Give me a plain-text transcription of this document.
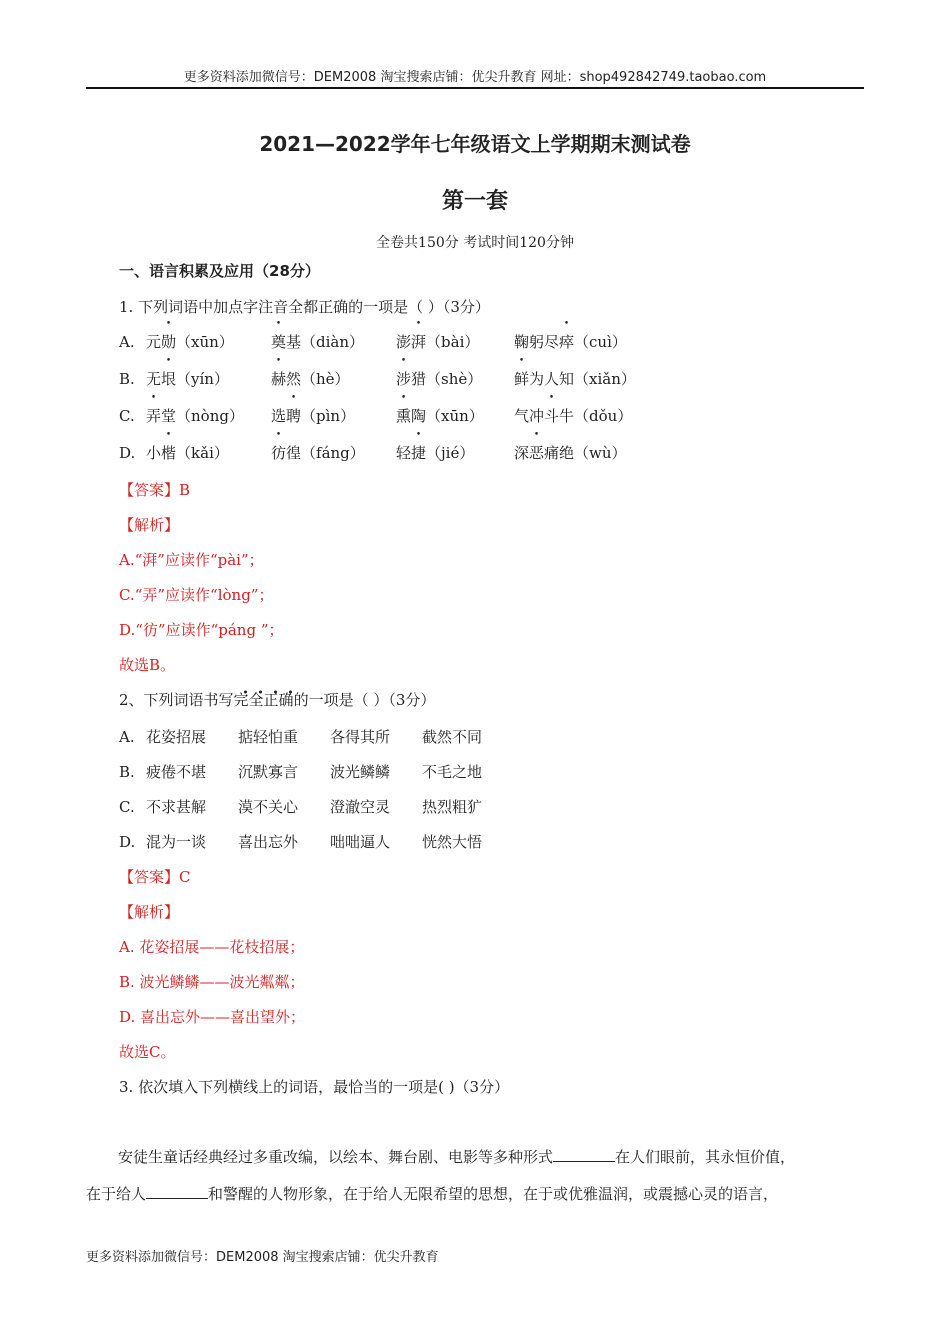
更多资料添加微信号：DEM2008 淘宝搜索店铺：优尖升教育 网址：shop492842749.taobao.com
2021—2022学年七年级语文上学期期末测试卷
第一套
全卷共150分 考试时间120分钟
一、语言积累及应用（28分）
1. 下列词语中加点字注音全都正确的一项是（ ）（3分）
A. 元勋（xūn） 奠基（diàn） 澎湃（bài） 鞠躬尽瘁（cuì）
B. 无垠（yín）	赫然（hè）	涉猎（shè） 鲜为人知（xiǎn）
C. 弄堂（nòng） 选聘（pìn）	熏陶（xūn） 气冲斗牛（dǒu）
D. 小楷（kǎi）	彷徨（fáng） 轻捷（jié）	深恶痛绝（wù）
【答案】B
【解析】
A.“湃”应读作“pài”；
C.“弄”应读作“lòng”；
D.“彷”应读作“páng ”；
故选B。
2、下列词语书写完全正确的一项是（ ）（3分）
A. 花姿招展 掂轻怕重 各得其所 截然不同
B. 疲倦不堪 沉默寡言 波光鳞鳞 不毛之地
C. 不求甚解 漠不关心 澄澈空灵 热烈粗犷
D. 混为一谈 喜出忘外 咄咄逼人 恍然大悟
【答案】C
【解析】
A. 花姿招展——花枝招展；
B. 波光鳞鳞——波光粼粼；
D. 喜出忘外——喜出望外；
故选C。
3. 依次填入下列横线上的词语，最恰当的一项是( )（3分）
安徒生童话经典经过多重改编，以绘本、舞台剧、电影等多种形式	在人们眼前，其永恒价值，
在于给人	和警醒的人物形象，在于给人无限希望的思想，在于或优雅温润，或震撼心灵的语言，
更多资料添加微信号：DEM2008 淘宝搜索店铺：优尖升教育
